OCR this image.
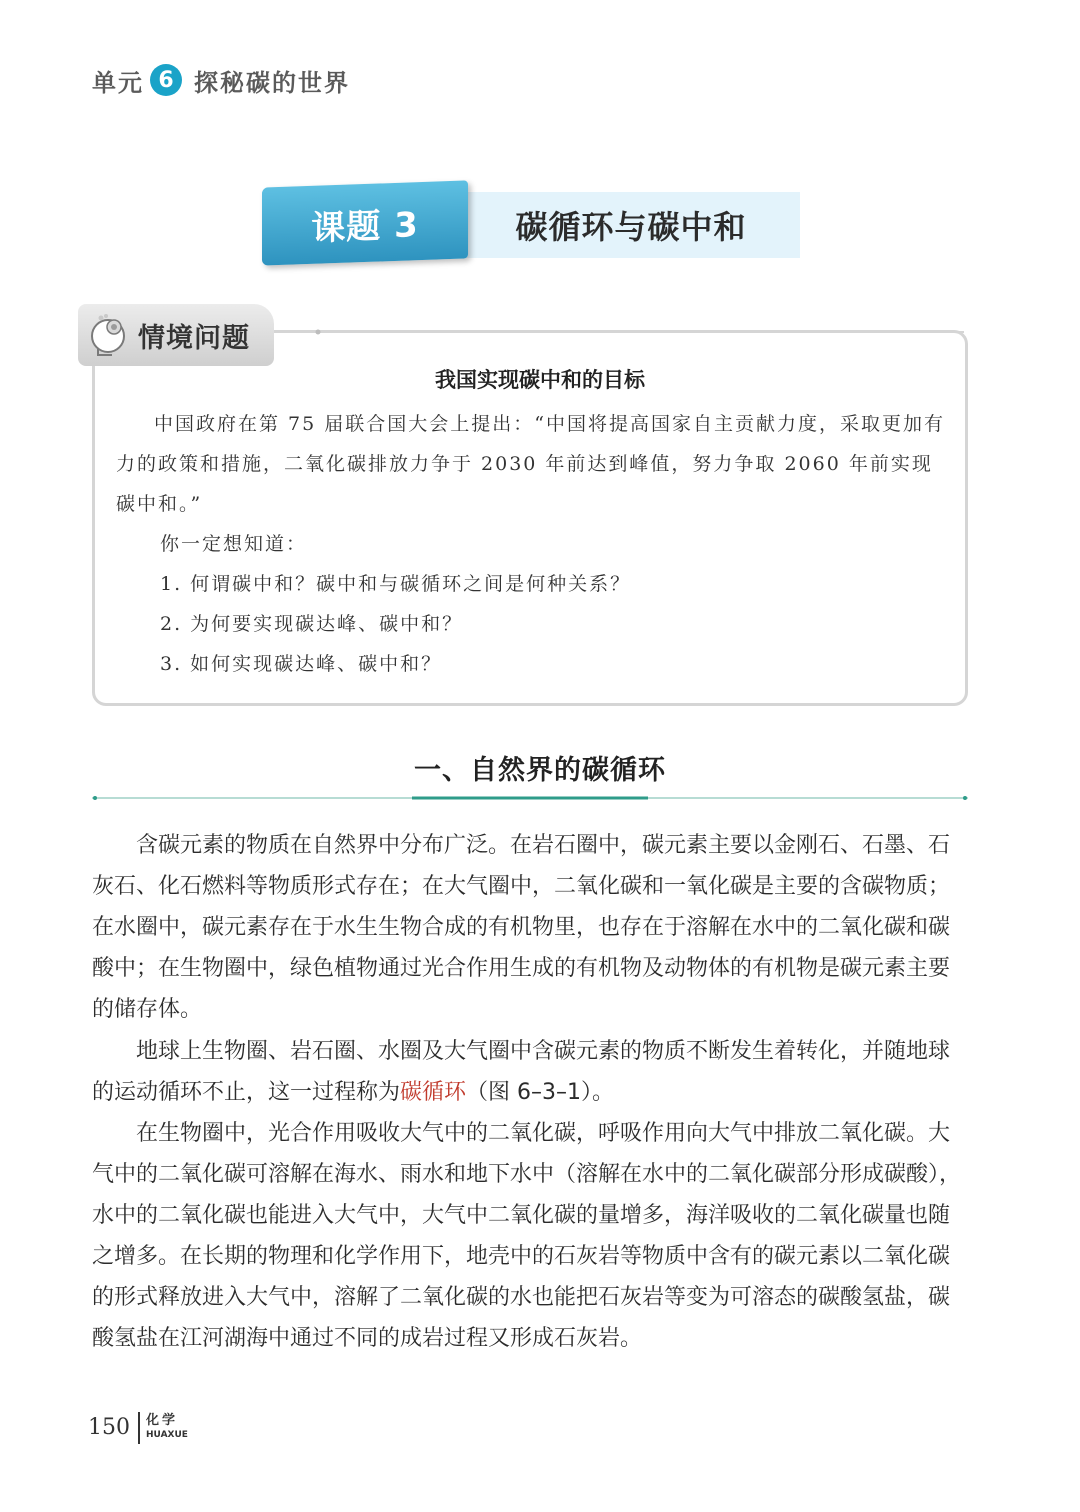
单元 6 探秘碳的世界
碳循环与碳中和
课题 3
情境问题
我国实现碳中和的目标
中国政府在第 75 届联合国大会上提出：“中国将提高国家自主贡献力度，采取更加有力的政策和措施，二氧化碳排放力争于 2030 年前达到峰值，努力争取 2060 年前实现碳中和。”
你一定想知道：
1. 何谓碳中和？碳中和与碳循环之间是何种关系？
2. 为何要实现碳达峰、碳中和？
3. 如何实现碳达峰、碳中和？
一、自然界的碳循环

含碳元素的物质在自然界中分布广泛。在岩石圈中，碳元素主要以金刚石、石墨、石灰石、化石燃料等物质形式存在；在大气圈中，二氧化碳和一氧化碳是主要的含碳物质；在水圈中，碳元素存在于水生生物合成的有机物里，也存在于溶解在水中的二氧化碳和碳酸中；在生物圈中，绿色植物通过光合作用生成的有机物及动物体的有机物是碳元素主要的储存体。

地球上生物圈、岩石圈、水圈及大气圈中含碳元素的物质不断发生着转化，并随地球的运动循环不止，这一过程称为碳循环（图 6–3–1）。

在生物圈中，光合作用吸收大气中的二氧化碳，呼吸作用向大气中排放二氧化碳。大气中的二氧化碳可溶解在海水、雨水和地下水中（溶解在水中的二氧化碳部分形成碳酸），水中的二氧化碳也能进入大气中，大气中二氧化碳的量增多，海洋吸收的二氧化碳量也随之增多。在长期的物理和化学作用下，地壳中的石灰岩等物质中含有的碳元素以二氧化碳的形式释放进入大气中，溶解了二氧化碳的水也能把石灰岩等变为可溶态的碳酸氢盐，碳酸氢盐在江河湖海中通过不同的成岩过程又形成石灰岩。

150	化学
HUAXUE
